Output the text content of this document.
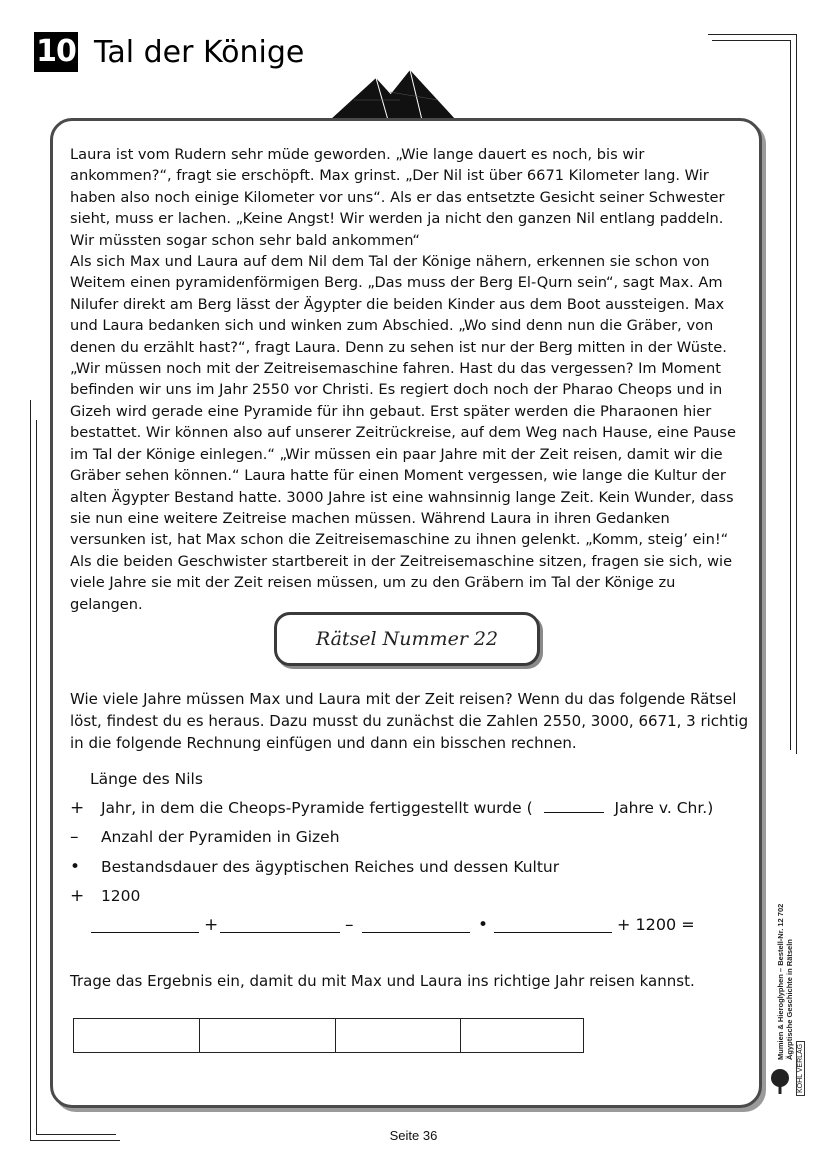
10 Tal der Könige

Laura ist vom Rudern sehr müde geworden. „Wie lange dauert es noch, bis wir ankommen?“, fragt sie erschöpft. Max grinst. „Der Nil ist über 6671 Kilometer lang. Wir haben also noch einige Kilometer vor uns“. Als er das entsetzte Gesicht seiner Schwester sieht, muss er lachen. „Keine Angst! Wir werden ja nicht den ganzen Nil entlang paddeln. Wir müssten sogar schon sehr bald ankommen“

Als sich Max und Laura auf dem Nil dem Tal der Könige nähern, erkennen sie schon von Weitem einen pyramidenförmigen Berg. „Das muss der Berg El-Qurn sein“, sagt Max. Am Nilufer direkt am Berg lässt der Ägypter die beiden Kinder aus dem Boot aussteigen. Max und Laura bedanken sich und winken zum Abschied. „Wo sind denn nun die Gräber, von denen du erzählt hast?“, fragt Laura. Denn zu sehen ist nur der Berg mitten in der Wüste. „Wir müssen noch mit der Zeitreisemaschine fahren. Hast du das vergessen? Im Moment befinden wir uns im Jahr 2550 vor Christi. Es regiert doch noch der Pharao Cheops und in Gizeh wird gerade eine Pyramide für ihn gebaut. Erst später werden die Pharaonen hier bestattet. Wir können also auf unserer Zeitrückreise, auf dem Weg nach Hause, eine Pause im Tal der Könige einlegen.“ „Wir müssen ein paar Jahre mit der Zeit reisen, damit wir die Gräber sehen können.“ Laura hatte für einen Moment vergessen, wie lange die Kultur der alten Ägypter Bestand hatte. 3000 Jahre ist eine wahnsinnig lange Zeit. Kein Wunder, dass sie nun eine weitere Zeitreise machen müssen. Während Laura in ihren Gedanken versunken ist, hat Max schon die Zeitreisemaschine zu ihnen gelenkt. „Komm, steig’ ein!“ Als die beiden Geschwister startbereit in der Zeitreisemaschine sitzen, fragen sie sich, wie viele Jahre sie mit der Zeit reisen müssen, um zu den Gräbern im Tal der Könige zu gelangen.

Rätsel Nummer 22
Wie viele Jahre müssen Max und Laura mit der Zeit reisen? Wenn du das folgende Rätsel löst, findest du es heraus. Dazu musst du zunächst die Zahlen 2550, 3000, 6671, 3 richtig in die folgende Rechnung einfügen und dann ein bisschen rechnen.
Länge des Nils
+ Jahr, in dem die Cheops-Pyramide fertiggestellt wurde (	Jahre v. Chr.)
– Anzahl der Pyramiden in Gizeh
• Bestandsdauer des ägyptischen Reiches und dessen Kultur
+ 1200
+	–	•	+ 1200 =
Trage das Ergebnis ein, damit du mit Max und Laura ins richtige Jahr reisen kannst.
				Mumien & Hieroglyphen – Bestell-Nr. 12 702
Ägyptische Geschichte in Rätseln
KOHL VERLAG
Seite 36
